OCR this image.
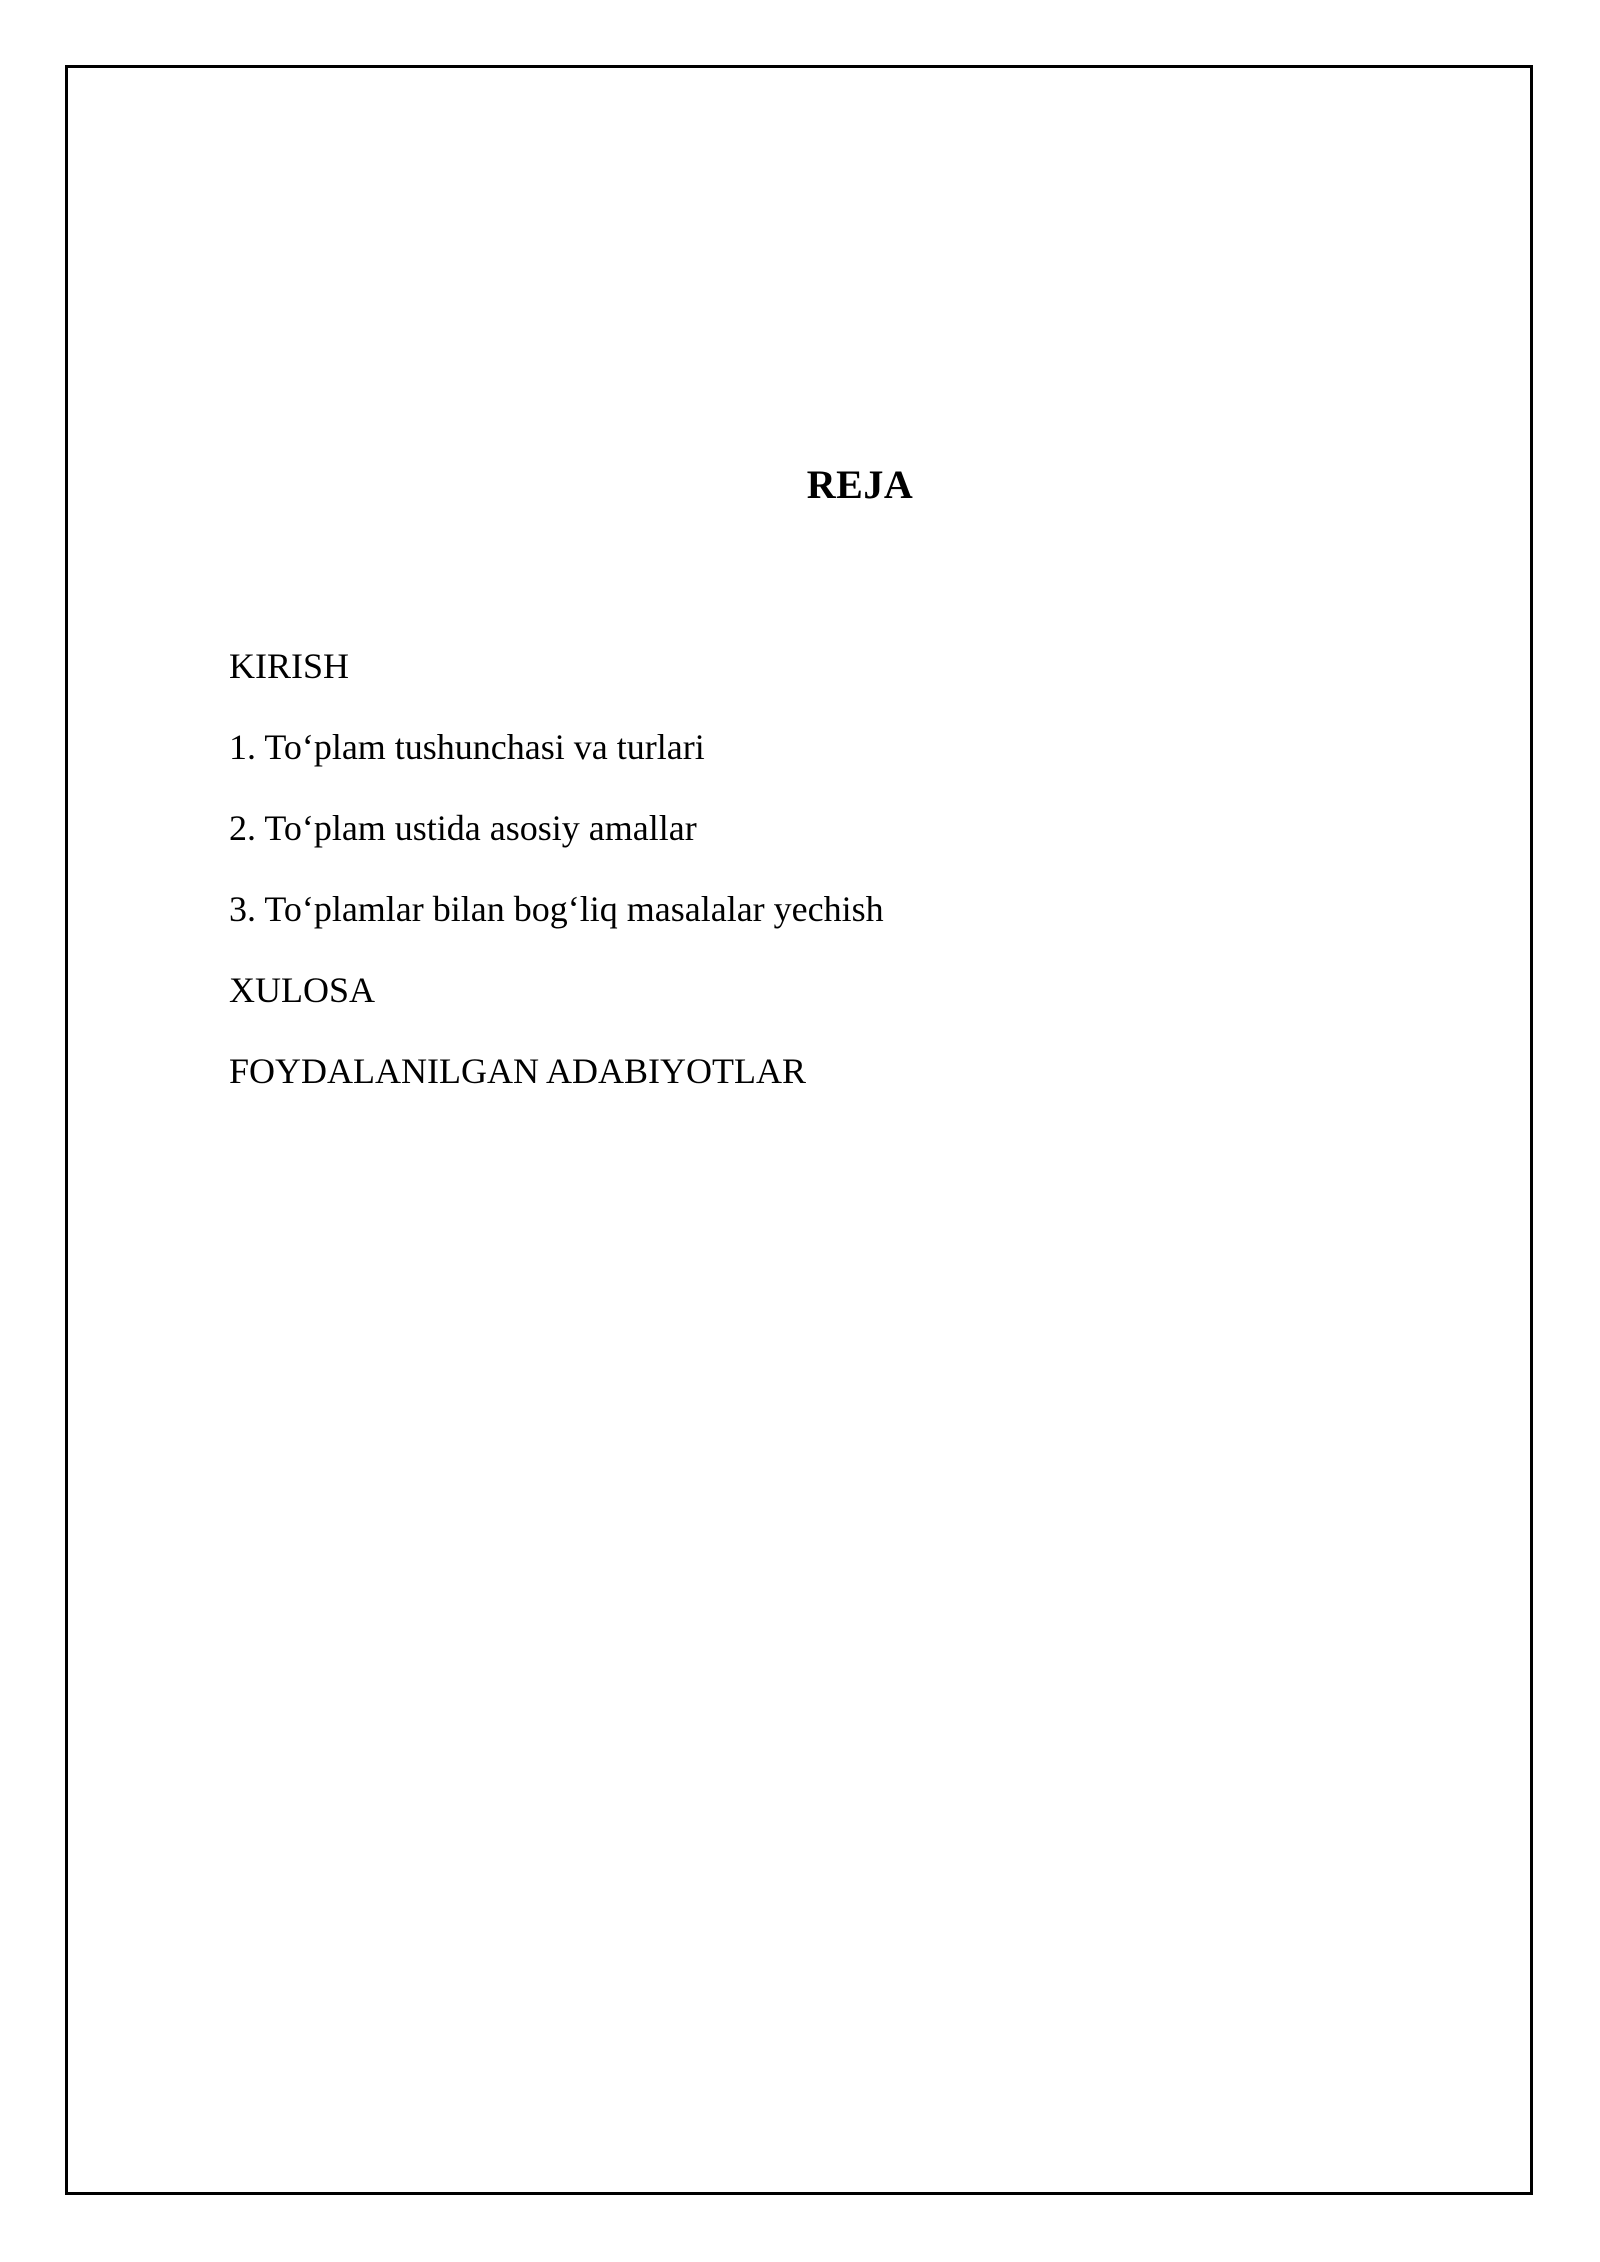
REJA
KIRISH
1. To‘plam tushunchasi va turlari
2. To‘plam ustida asosiy amallar
3. To‘plamlar bilan bog‘liq masalalar yechish
XULOSA
FOYDALANILGAN ADABIYOTLAR
